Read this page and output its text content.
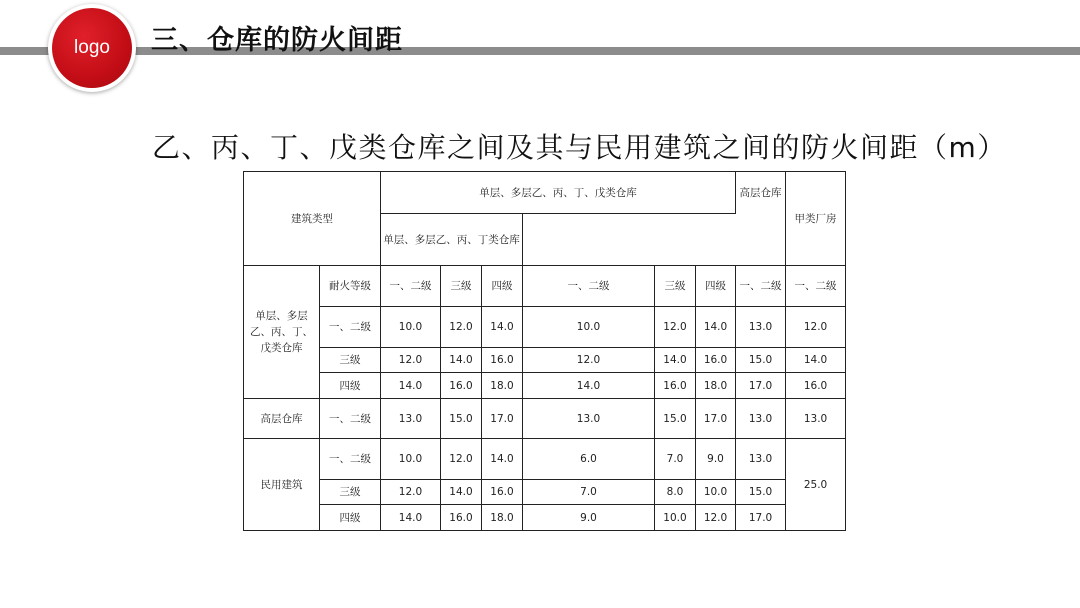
logo 三、仓库的防火间距
乙、丙、丁、戊类仓库之间及其与民用建筑之间的防火间距（m）
建筑类型		单层、多层乙、丙、丁、戊类仓库						高层仓库	甲类厂房
		单层、多层乙、丙、丁类仓库							
单层、多层乙、丙、丁、戊类仓库	耐火等级	一、二级	三级	四级	一、二级	三级	四级	一、二级	一、二级
	一、二级	10.0	12.0	14.0	10.0	12.0	14.0	13.0	12.0
	三级	12.0	14.0	16.0	12.0	14.0	16.0	15.0	14.0
	四级	14.0	16.0	18.0	14.0	16.0	18.0	17.0	16.0
高层仓库	一、二级	13.0	15.0	17.0	13.0	15.0	17.0	13.0	13.0
民用建筑	一、二级	10.0	12.0	14.0	6.0	7.0	9.0	13.0	25.0
	三级	12.0	14.0	16.0	7.0	8.0	10.0	15.0	
	四级	14.0	16.0	18.0	9.0	10.0	12.0	17.0	
